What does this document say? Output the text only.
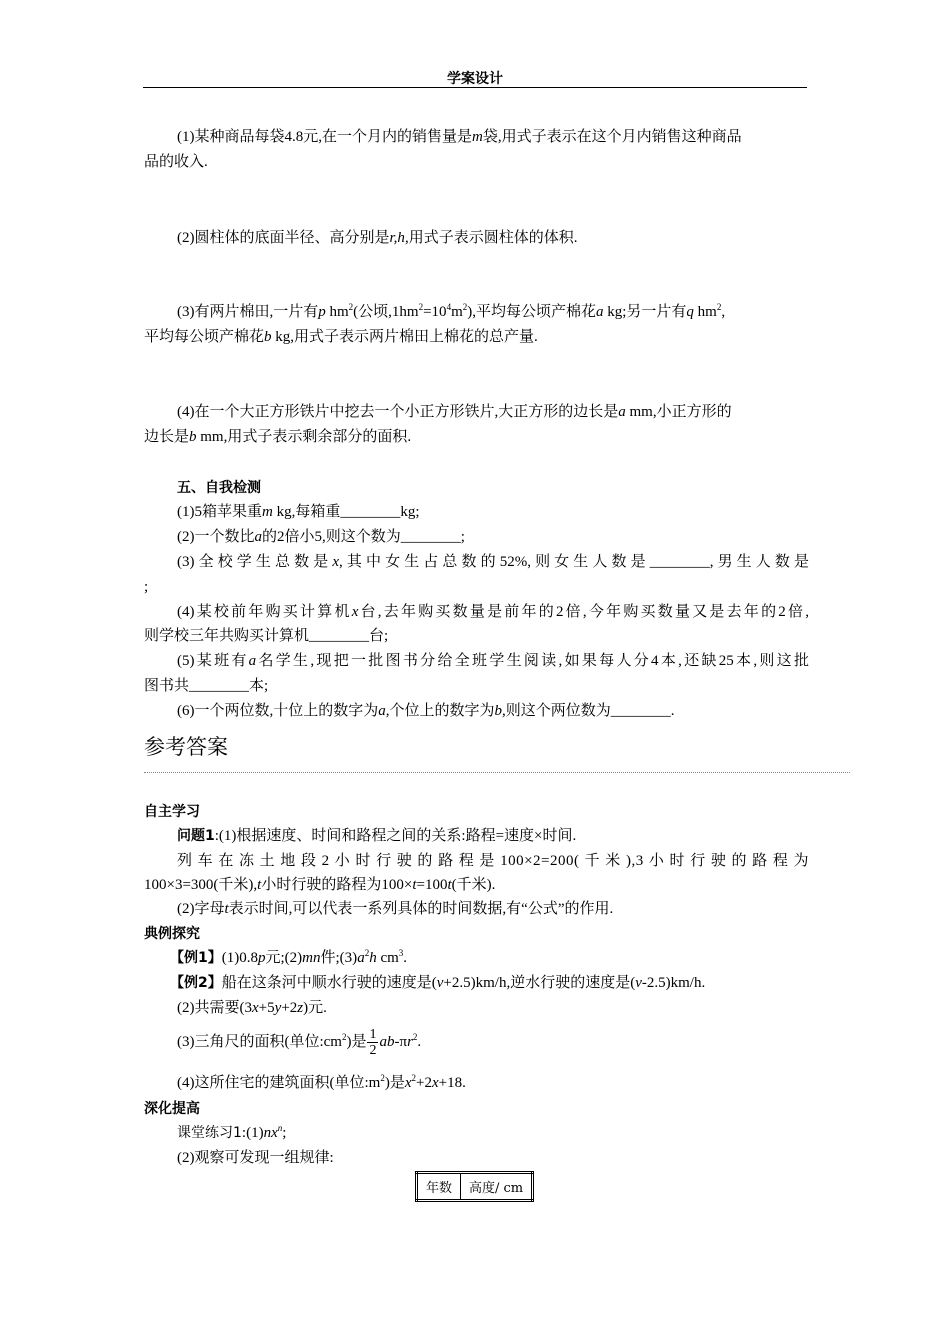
学案设计
(1)某种商品每袋4.8元,在一个月内的销售量是m袋,用式子表示在这个月内销售这种商品
品的收入.
(2)圆柱体的底面半径、高分别是r,h,用式子表示圆柱体的体积.
(3)有两片棉田,一片有p $hm^2$(公顷$,1hm^2=10^4m^2$),平均每公顷产棉花a kg;另一片有q $hm^2$,
平均每公顷产棉花b kg,用式子表示两片棉田上棉花的总产量.
(4)在一个大正方形铁片中挖去一个小正方形铁片,大正方形的边长是a mm,小正方形的
边长是b mm,用式子表示剩余部分的面积.
五、自我检测
(1)5箱苹果重m kg,每箱重________kg;
(2)一个数比a的2倍小5,则这个数为________;
(3)全校学生总数是x,其中女生占总数的52%,则女生人数是________,男生人数是
;
(4)某校前年购买计算机x台,去年购买数量是前年的2倍,今年购买数量又是去年的2倍,
则学校三年共购买计算机________台;
(5)某班有a名学生,现把一批图书分给全班学生阅读,如果每人分4本,还缺25本,则这批
图书共________本;
(6)一个两位数,十位上的数字为a,个位上的数字为b,则这个两位数为________.
参考答案
自主学习
问题1:(1)根据速度、时间和路程之间的关系:路程=速度×时间.
列车在冻土地段2小时行驶的路程是100×2=200(千米),3小时行驶的路程为
100×3=300(千米),t小时行驶的路程为100×t=100t(千米).
(2)字母t表示时间,可以代表一系列具体的时间数据,有“公式”的作用.
典例探究
【例1】(1)0.8p元;(2)mn件$;(3)a^2h$ $cm^3$.
【例2】船在这条河中顺水行驶的速度是(v+2.5)km/h,逆水行驶的速度是(v-2.5)km/h.
(2)共需要(3x+5y+2z)元.
(3)三角尺的面积(单位$:cm^2$)是 $\frac{1}{2} ab-\pi r^2$.
(4)这所住宅的建筑面积(单位$:m^2$)是$x^2+2x+18$.
深化提高
课堂练习$1:(1)nx^n$;
(2)观察可发现一组规律:
年数	高度/ cm
